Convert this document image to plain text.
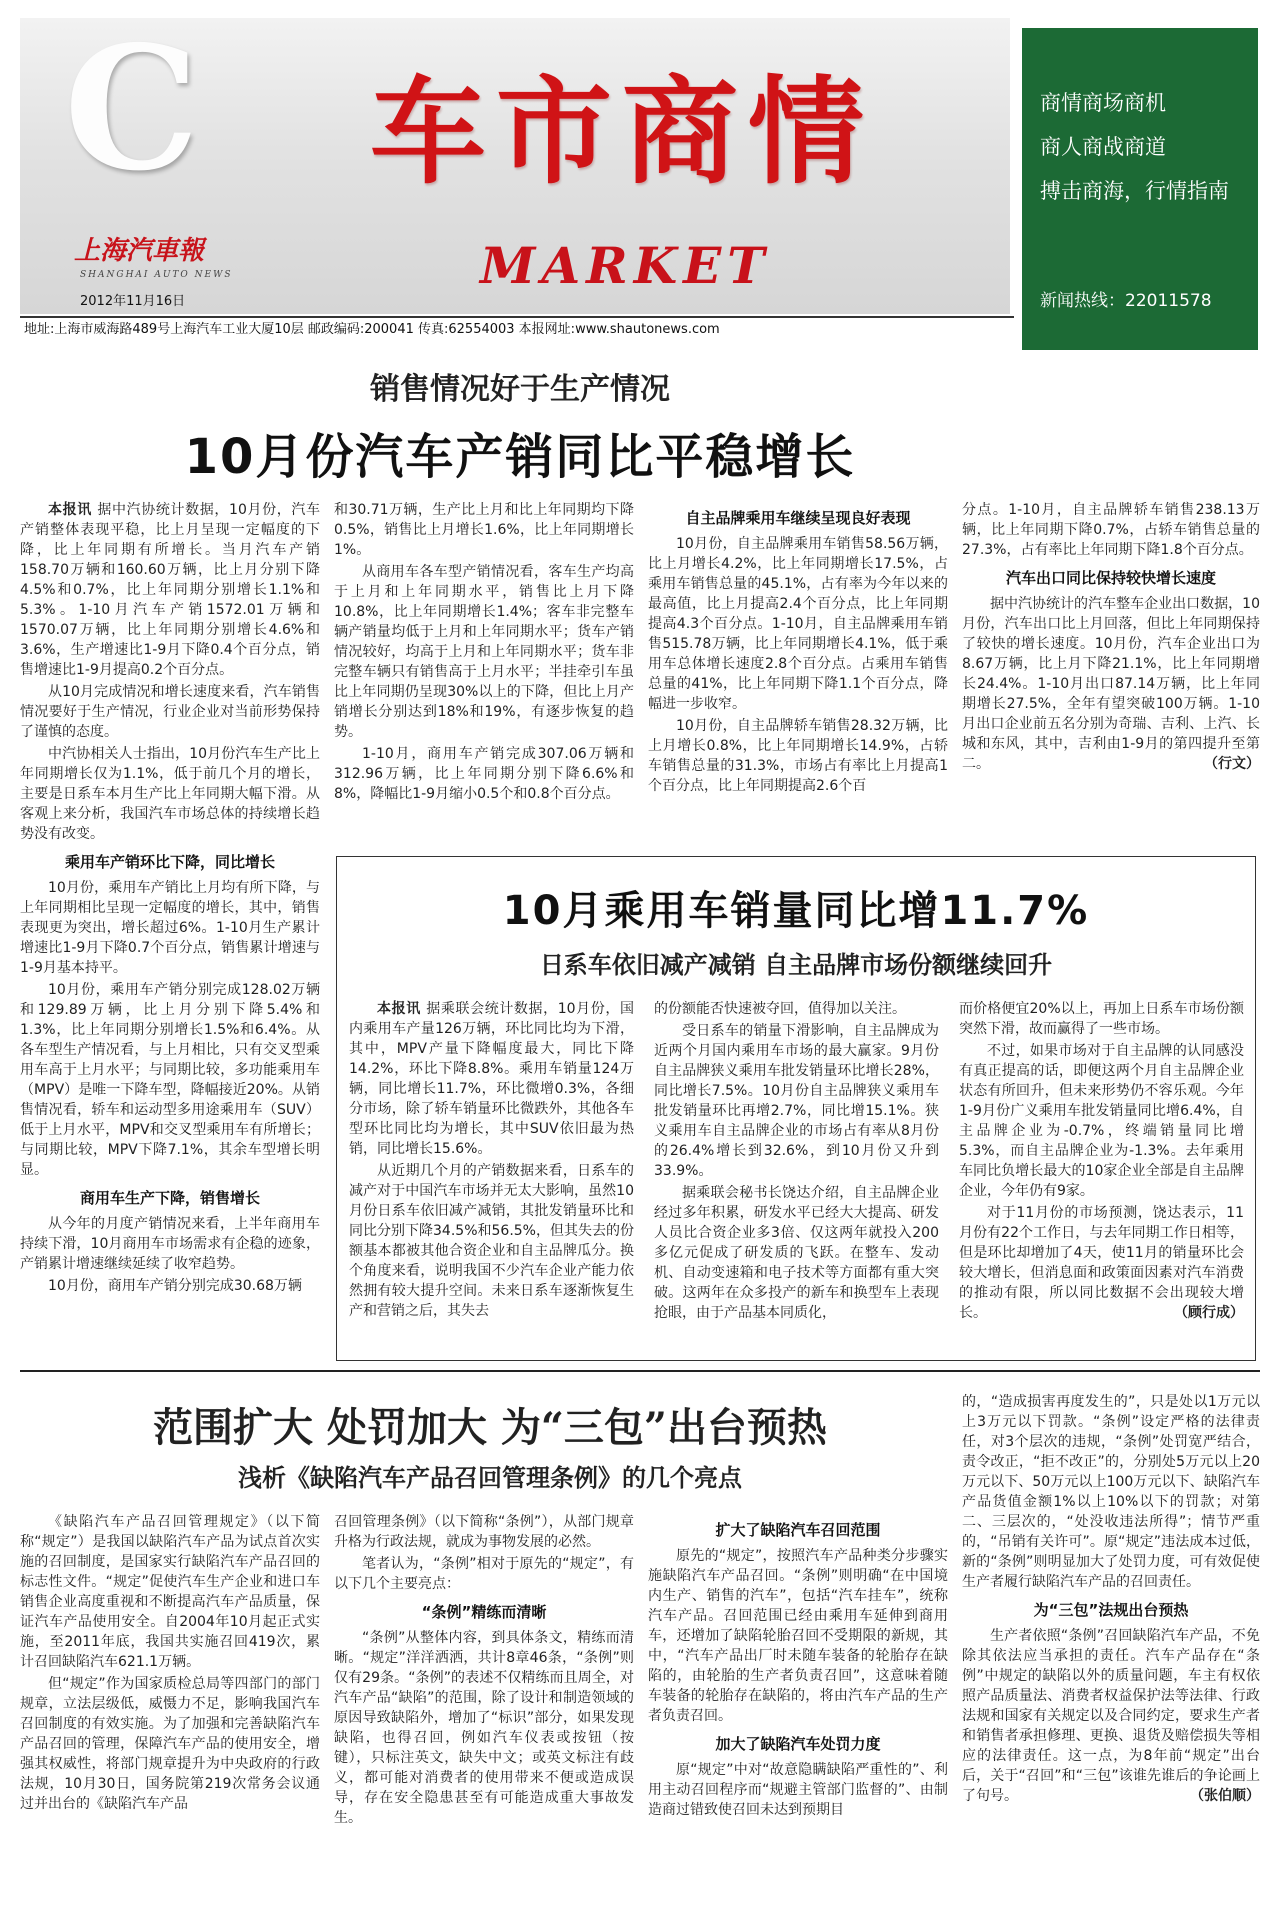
C
上海汽車報
SHANGHAI AUTO NEWS
2012年11月16日
车市商情
MARKET
地址:上海市威海路489号上海汽车工业大厦10层 邮政编码:200041 传真:62554003 本报网址:www.shautonews.com
商情商场商机
商人商战商道
搏击商海，行情指南
新闻热线：22011578
销售情况好于生产情况
10月份汽车产销同比平稳增长

本报讯 据中汽协统计数据，10月份，汽车产销整体表现平稳，比上月呈现一定幅度的下降，比上年同期有所增长。当月汽车产销158.70万辆和160.60万辆，比上月分别下降4.5%和0.7%，比上年同期分别增长1.1%和5.3%。1-10月汽车产销1572.01万辆和1570.07万辆，比上年同期分别增长4.6%和3.6%，生产增速比1-9月下降0.4个百分点，销售增速比1-9月提高0.2个百分点。

从10月完成情况和增长速度来看，汽车销售情况要好于生产情况，行业企业对当前形势保持了谨慎的态度。

中汽协相关人士指出，10月份汽车生产比上年同期增长仅为1.1%，低于前几个月的增长，主要是日系车本月生产比上年同期大幅下滑。从客观上来分析，我国汽车市场总体的持续增长趋势没有改变。

乘用车产销环比下降，同比增长

10月份，乘用车产销比上月均有所下降，与上年同期相比呈现一定幅度的增长，其中，销售表现更为突出，增长超过6%。1-10月生产累计增速比1-9月下降0.7个百分点，销售累计增速与1-9月基本持平。

10月份，乘用车产销分别完成128.02万辆和129.89万辆，比上月分别下降5.4%和1.3%，比上年同期分别增长1.5%和6.4%。从各车型生产情况看，与上月相比，只有交叉型乘用车高于上月水平；与同期比较，多功能乘用车（MPV）是唯一下降车型，降幅接近20%。从销售情况看，轿车和运动型多用途乘用车（SUV）低于上月水平，MPV和交叉型乘用车有所增长；与同期比较，MPV下降7.1%，其余车型增长明显。

商用车生产下降，销售增长

从今年的月度产销情况来看，上半年商用车持续下滑，10月商用车市场需求有企稳的迹象，产销累计增速继续延续了收窄趋势。

10月份，商用车产销分别完成30.68万辆

和30.71万辆，生产比上月和比上年同期均下降0.5%，销售比上月增长1.6%，比上年同期增长1%。

从商用车各车型产销情况看，客车生产均高于上月和上年同期水平，销售比上月下降10.8%，比上年同期增长1.4%；客车非完整车辆产销量均低于上月和上年同期水平；货车产销情况较好，均高于上月和上年同期水平；货车非完整车辆只有销售高于上月水平；半挂牵引车虽比上年同期仍呈现30%以上的下降，但比上月产销增长分别达到18%和19%，有逐步恢复的趋势。

1-10月，商用车产销完成307.06万辆和312.96万辆，比上年同期分别下降6.6%和8%，降幅比1-9月缩小0.5个和0.8个百分点。

自主品牌乘用车继续呈现良好表现

10月份，自主品牌乘用车销售58.56万辆，比上月增长4.2%，比上年同期增长17.5%，占乘用车销售总量的45.1%，占有率为今年以来的最高值，比上月提高2.4个百分点，比上年同期提高4.3个百分点。1-10月，自主品牌乘用车销售515.78万辆，比上年同期增长4.1%，低于乘用车总体增长速度2.8个百分点。占乘用车销售总量的41%，比上年同期下降1.1个百分点，降幅进一步收窄。

10月份，自主品牌轿车销售28.32万辆，比上月增长0.8%，比上年同期增长14.9%，占轿车销售总量的31.3%，市场占有率比上月提高1个百分点，比上年同期提高2.6个百

分点。1-10月，自主品牌轿车销售238.13万辆，比上年同期下降0.7%，占轿车销售总量的27.3%，占有率比上年同期下降1.8个百分点。

汽车出口同比保持较快增长速度

据中汽协统计的汽车整车企业出口数据，10月份，汽车出口比上月回落，但比上年同期保持了较快的增长速度。10月份，汽车企业出口为8.67万辆，比上月下降21.1%，比上年同期增长24.4%。1-10月出口87.14万辆，比上年同期增长27.5%，全年有望突破100万辆。1-10月出口企业前五名分别为奇瑞、吉利、上汽、长城和东风，其中，吉利由1-9月的第四提升至第二。	（行文）

10月乘用车销量同比增11.7%
日系车依旧减产减销 自主品牌市场份额继续回升

本报讯 据乘联会统计数据，10月份，国内乘用车产量126万辆，环比同比均为下滑，其中，MPV产量下降幅度最大，同比下降14.2%，环比下降8.8%。乘用车销量124万辆，同比增长11.7%，环比微增0.3%，各细分市场，除了轿车销量环比微跌外，其他各车型环比同比均为增长，其中SUV依旧最为热销，同比增长15.6%。

从近期几个月的产销数据来看，日系车的减产对于中国汽车市场并无太大影响，虽然10月份日系车依旧减产减销，其批发销量环比和同比分别下降34.5%和56.5%，但其失去的份额基本都被其他合资企业和自主品牌瓜分。换个角度来看，说明我国不少汽车企业产能力依然拥有较大提升空间。未来日系车逐渐恢复生产和营销之后，其失去

的份额能否快速被夺回，值得加以关注。

受日系车的销量下滑影响，自主品牌成为近两个月国内乘用车市场的最大赢家。9月份自主品牌狭义乘用车批发销量环比增长28%，同比增长7.5%。10月份自主品牌狭义乘用车批发销量环比再增2.7%，同比增15.1%。狭义乘用车自主品牌企业的市场占有率从8月份的26.4%增长到32.6%，到10月份又升到33.9%。

据乘联会秘书长饶达介绍，自主品牌企业经过多年积累，研发水平已经大大提高、研发人员比合资企业多3倍、仅这两年就投入200多亿元促成了研发质的飞跃。在整车、发动机、自动变速箱和电子技术等方面都有重大突破。这两年在众多投产的新车和换型车上表现抢眼，由于产品基本同质化，

而价格便宜20%以上，再加上日系车市场份额突然下滑，故而赢得了一些市场。

不过，如果市场对于自主品牌的认同感没有真正提高的话，即便这两个月自主品牌企业状态有所回升，但未来形势仍不容乐观。今年1-9月份广义乘用车批发销量同比增6.4%，自主品牌企业为-0.7%，终端销量同比增5.3%，而自主品牌企业为-1.3%。去年乘用车同比负增长最大的10家企业全部是自主品牌企业，今年仍有9家。

对于11月份的市场预测，饶达表示，11月份有22个工作日，与去年同期工作日相等，但是环比却增加了4天，使11月的销量环比会较大增长，但消息面和政策面因素对汽车消费的推动有限，所以同比数据不会出现较大增长。	（顾行成）

范围扩大 处罚加大 为“三包”出台预热
浅析《缺陷汽车产品召回管理条例》的几个亮点

《缺陷汽车产品召回管理规定》（以下简称“规定”）是我国以缺陷汽车产品为试点首次实施的召回制度，是国家实行缺陷汽车产品召回的标志性文件。“规定”促使汽车生产企业和进口车销售企业高度重视和不断提高汽车产品质量，保证汽车产品使用安全。自2004年10月起正式实施，至2011年底，我国共实施召回419次，累计召回缺陷汽车621.1万辆。

但“规定”作为国家质检总局等四部门的部门规章，立法层级低，威慑力不足，影响我国汽车召回制度的有效实施。为了加强和完善缺陷汽车产品召回的管理，保障汽车产品的使用安全，增强其权威性，将部门规章提升为中央政府的行政法规，10月30日，国务院第219次常务会议通过并出台的《缺陷汽车产品

召回管理条例》（以下简称“条例”），从部门规章升格为行政法规，就成为事物发展的必然。

笔者认为，“条例”相对于原先的“规定”，有以下几个主要亮点：

“条例”精练而清晰

“条例”从整体内容，到具体条文，精练而清晰。“规定”洋洋洒洒，共计8章46条，“条例”则仅有29条。“条例”的表述不仅精练而且周全，对汽车产品“缺陷”的范围，除了设计和制造领域的原因导致缺陷外，增加了“标识”部分，如果发现缺陷，也得召回，例如汽车仪表或按钮（按键），只标注英文，缺失中文；或英文标注有歧义，都可能对消费者的使用带来不便或造成误导，存在安全隐患甚至有可能造成重大事故发生。

扩大了缺陷汽车召回范围

原先的“规定”，按照汽车产品种类分步骤实施缺陷汽车产品召回。“条例”则明确“在中国境内生产、销售的汽车”，包括“汽车挂车”，统称汽车产品。召回范围已经由乘用车延伸到商用车，还增加了缺陷轮胎召回不受期限的新规，其中，“汽车产品出厂时未随车装备的轮胎存在缺陷的，由轮胎的生产者负责召回”，这意味着随车装备的轮胎存在缺陷的，将由汽车产品的生产者负责召回。

加大了缺陷汽车处罚力度

原“规定”中对“故意隐瞒缺陷严重性的”、利用主动召回程序而“规避主管部门监督的”、由制造商过错致使召回未达到预期目

的，“造成损害再度发生的”，只是处以1万元以上3万元以下罚款。“条例”设定严格的法律责任，对3个层次的违规，“条例”处罚宽严结合，责令改正，“拒不改正”的，分别处5万元以上20万元以下、50万元以上100万元以下、缺陷汽车产品货值金额1%以上10%以下的罚款；对第二、三层次的，“处没收违法所得”；情节严重的，“吊销有关许可”。原“规定”违法成本过低，新的“条例”则明显加大了处罚力度，可有效促使生产者履行缺陷汽车产品的召回责任。

为“三包”法规出台预热

生产者依照“条例”召回缺陷汽车产品，不免除其依法应当承担的责任。汽车产品存在“条例”中规定的缺陷以外的质量问题，车主有权依照产品质量法、消费者权益保护法等法律、行政法规和国家有关规定以及合同约定，要求生产者和销售者承担修理、更换、退货及赔偿损失等相应的法律责任。这一点，为8年前“规定”出台后，关于“召回”和“三包”该谁先谁后的争论画上了句号。	（张伯顺）
